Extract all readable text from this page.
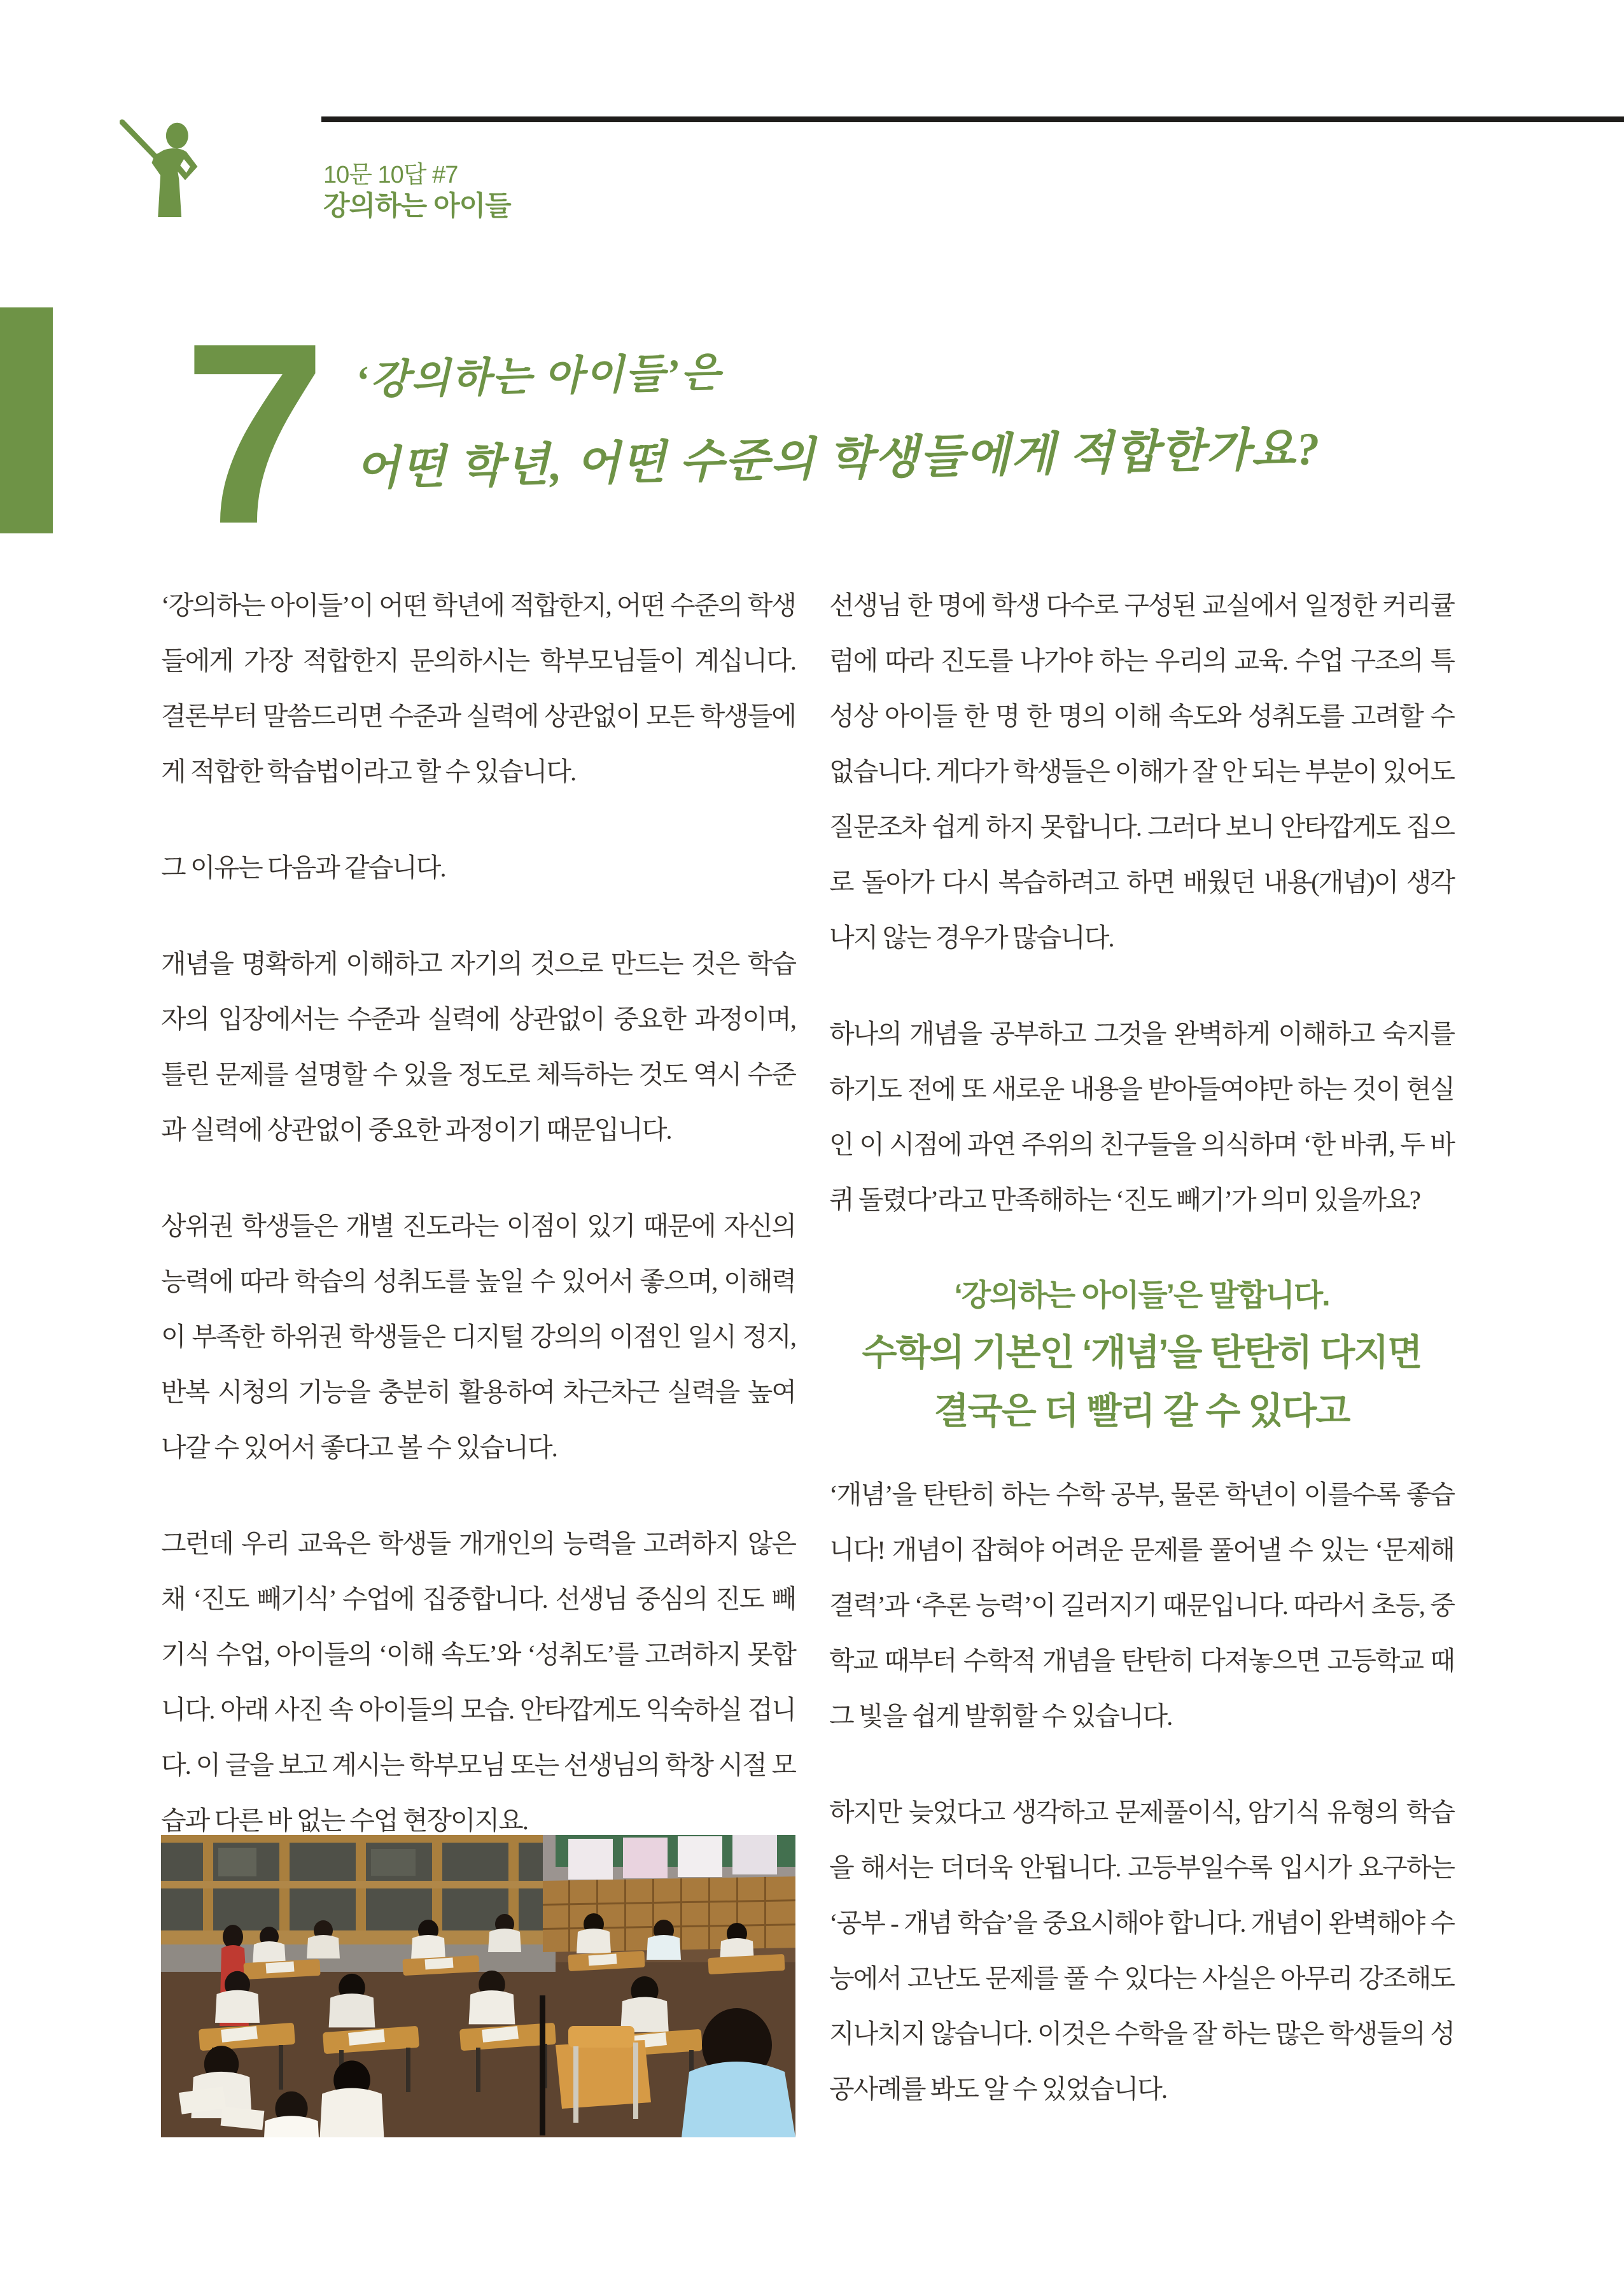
10문 10답 #7
강의하는 아이들
7 ‘강의하는 아이들’은
어떤 학년, 어떤 수준의 학생들에게 적합한가요?

‘강의하는 아이들’이 어떤 학년에 적합한지, 어떤 수준의 학생들에게 가장 적합한지 문의하시는 학부모님들이 계십니다. 결론부터 말씀드리면 수준과 실력에 상관없이 모든 학생들에게 적합한 학습법이라고 할 수 있습니다.

그 이유는 다음과 같습니다.

개념을 명확하게 이해하고 자기의 것으로 만드는 것은 학습자의 입장에서는 수준과 실력에 상관없이 중요한 과정이며, 틀린 문제를 설명할 수 있을 정도로 체득하는 것도 역시 수준과 실력에 상관없이 중요한 과정이기 때문입니다.

상위권 학생들은 개별 진도라는 이점이 있기 때문에 자신의 능력에 따라 학습의 성취도를 높일 수 있어서 좋으며, 이해력이 부족한 하위권 학생들은 디지털 강의의 이점인 일시 정지, 반복 시청의 기능을 충분히 활용하여 차근차근 실력을 높여나갈 수 있어서 좋다고 볼 수 있습니다.

그런데 우리 교육은 학생들 개개인의 능력을 고려하지 않은 채 ‘진도 빼기식’ 수업에 집중합니다. 선생님 중심의 진도 빼기식 수업, 아이들의 ‘이해 속도’와 ‘성취도’를 고려하지 못합니다. 아래 사진 속 아이들의 모습. 안타깝게도 익숙하실 겁니다. 이 글을 보고 계시는 학부모님 또는 선생님의 학창 시절 모습과 다른 바 없는 수업 현장이지요.

선생님 한 명에 학생 다수로 구성된 교실에서 일정한 커리큘럼에 따라 진도를 나가야 하는 우리의 교육. 수업 구조의 특성상 아이들 한 명 한 명의 이해 속도와 성취도를 고려할 수 없습니다. 게다가 학생들은 이해가 잘 안 되는 부분이 있어도 질문조차 쉽게 하지 못합니다. 그러다 보니 안타깝게도 집으로 돌아가 다시 복습하려고 하면 배웠던 내용(개념)이 생각나지 않는 경우가 많습니다.

하나의 개념을 공부하고 그것을 완벽하게 이해하고 숙지를 하기도 전에 또 새로운 내용을 받아들여야만 하는 것이 현실인 이 시점에 과연 주위의 친구들을 의식하며 ‘한 바퀴, 두 바퀴 돌렸다’라고 만족해하는 ‘진도 빼기’가 의미 있을까요?

‘강의하는 아이들’은 말합니다.
수학의 기본인 ‘개념’을 탄탄히 다지면
결국은 더 빨리 갈 수 있다고

‘개념’을 탄탄히 하는 수학 공부, 물론 학년이 이를수록 좋습니다! 개념이 잡혀야 어려운 문제를 풀어낼 수 있는 ‘문제해결력’과 ‘추론 능력’이 길러지기 때문입니다. 따라서 초등, 중학교 때부터 수학적 개념을 탄탄히 다져놓으면 고등학교 때 그 빛을 쉽게 발휘할 수 있습니다.

하지만 늦었다고 생각하고 문제풀이식, 암기식 유형의 학습을 해서는 더더욱 안됩니다. 고등부일수록 입시가 요구하는 ‘공부 - 개념 학습’을 중요시해야 합니다. 개념이 완벽해야 수능에서 고난도 문제를 풀 수 있다는 사실은 아무리 강조해도 지나치지 않습니다. 이것은 수학을 잘 하는 많은 학생들의 성공사례를 봐도 알 수 있었습니다.
